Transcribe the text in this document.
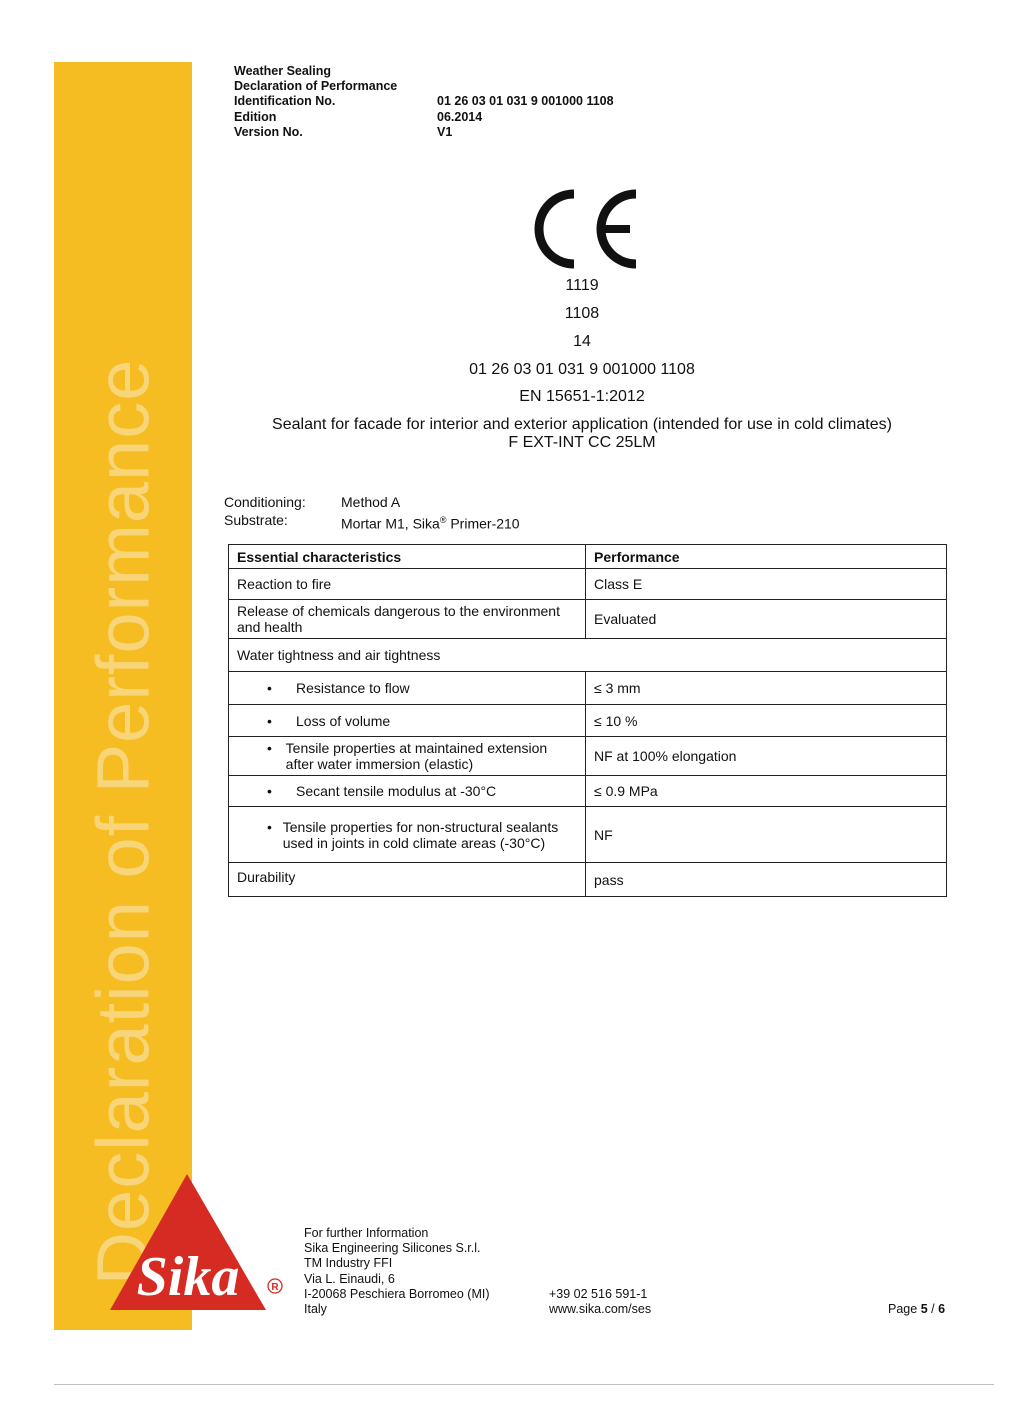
Declaration of Performance
Weather Sealing
Declaration of Performance
Identification No.	01 26 03 01 031 9 001000 1108
Edition	06.2014
Version No.	V1
1119
1108
14
01 26 03 01 031 9 001000 1108
EN 15651-1:2012
Sealant for facade for interior and exterior application (intended for use in cold climates)
F EXT-INT CC 25LM
Conditioning:	Method A
Substrate:	Mortar M1, Sika® Primer-210
Essential characteristics	Performance
Reaction to fire	Class E
Release of chemicals dangerous to the environment and health	Evaluated
Water tightness and air tightness	

• Resistance to flow	≤ 3 mm

• Loss of volume	≤ 10 %

• Tensile properties at maintained extension after water immersion (elastic)	NF at 100% elongation

• Secant tensile modulus at -30°C	≤ 0.9 MPa

• Tensile properties for non-structural sealants used in joints in cold climate areas (-30°C)	NF
Durability	pass
Sika	R
For further Information
Sika Engineering Silicones S.r.l.
TM Industry FFI
Via L. Einaudi, 6
I-20068 Peschiera Borromeo (MI)
Italy
+39 02 516 591-1
www.sika.com/ses	Page 5 / 6
